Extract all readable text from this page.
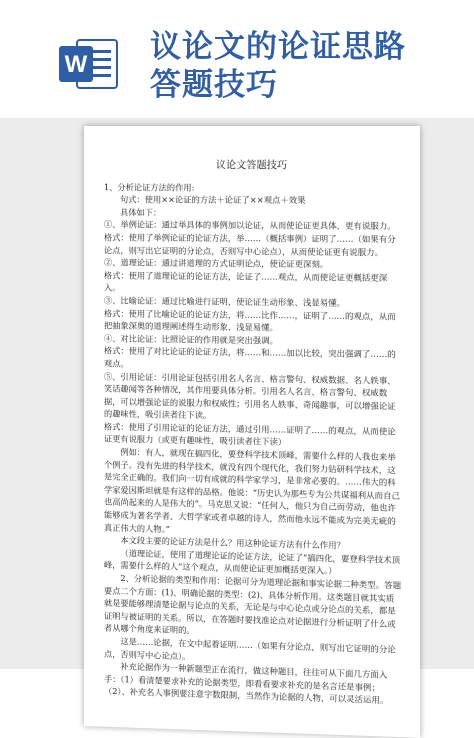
W 议论文的论证思路
答题技巧
议论文答题技巧

1、分析论证方法的作用:

句式：使用××论证的方法＋论证了××观点＋效果

具体如下：

①、举例论证：通过举具体的事例加以论证，从而使论证更具体、更有说服力。

格式：使用了举例论证的论证方法，举……（概括事例）证明了……（如果有分论点，则写出它证明的分论点，否则写中心论点），从而使论证更有说服力。

②、道理论证：通过讲道理的方式证明论点，使论证更深刻。

格式：使用了道理论证的论证方法，论证了……观点，从而使论证更概括更深入。

③、比喻论证：通过比喻进行证明，使论证生动形象、浅显易懂。

格式：使用了比喻论证的论证方法，将……比作……，证明了……的观点，从而把抽象深奥的道理阐述得生动形象、浅显易懂。

④、对比论证：比照论证的作用就是突出强调。

格式：使用了对比论证的论证方法，将……和……加以比较，突出强调了……的观点。

⑤、引用论证：引用论证包括引用名人名言、格言警句、权威数据、名人轶事、笑话趣闻等各种情况，其作用要具体分析。引用名人名言、格言警句、权威数据，可以增强论证的说服力和权威性；引用名人轶事、奇闻趣事，可以增强论证的趣味性，吸引读者往下读。

格式：使用了引用论证的论证方法，通过引用……证明了……的观点，从而使论证更有说服力（或更有趣味性，吸引读者往下读）

例如：有人，就现在搞四化，要登科学技术顶峰，需要什么样的人我也来举个例子。没有先进的科学技术，就没有四个现代化，我们努力钻研科学技术，这是完全正确的。我们向一切有成就的科学家学习，是非常必要的。……伟大的科学家爱因斯坦就是有这样的品格。他说：“历史认为那些专为公共谋福利从而自己也高尚起来的人是伟大的”。马克思又说：“任何人，他只为自己而劳动，他也许能够成为著名学者、大哲学家或者卓越的诗人，然而他永远不能成为完美无疵的真正伟大的人物。”

本文段主要的论证方法是什么？用这种论证方法有什么作用？

（道理论证，使用了道理论证的论证方法，论证了“搞四化，要登科学技术顶峰，需要什么样的人”这个观点，从而使论证更加概括更深入。）

2、分析论据的类型和作用：论据可分为道理论据和事实论据二种类型。答题要点二个方面：(1)、明确论据的类型：(2)、具体分析作用。这类题目就其实质就是要能够理清楚论据与论点的关系，无论是与中心论点或分论点的关系，都是证明与被证明的关系。所以，在答题时要找准论点对论据进行分析证明了什么或者从哪个角度来证明的。

这是……论据，在文中起着证明……（如果有分论点，则写出它证明的分论点，否则写中心论点）。

补充论据作为一种新题型正在流行，做这种题目，往往可从下面几方面入手：（1）看清楚要求补充的论据类型，即看看要求补充的是名言还是事例；（2）、补充名人事例要注意字数限制，当然作为论据的人物，可以灵活运用。
